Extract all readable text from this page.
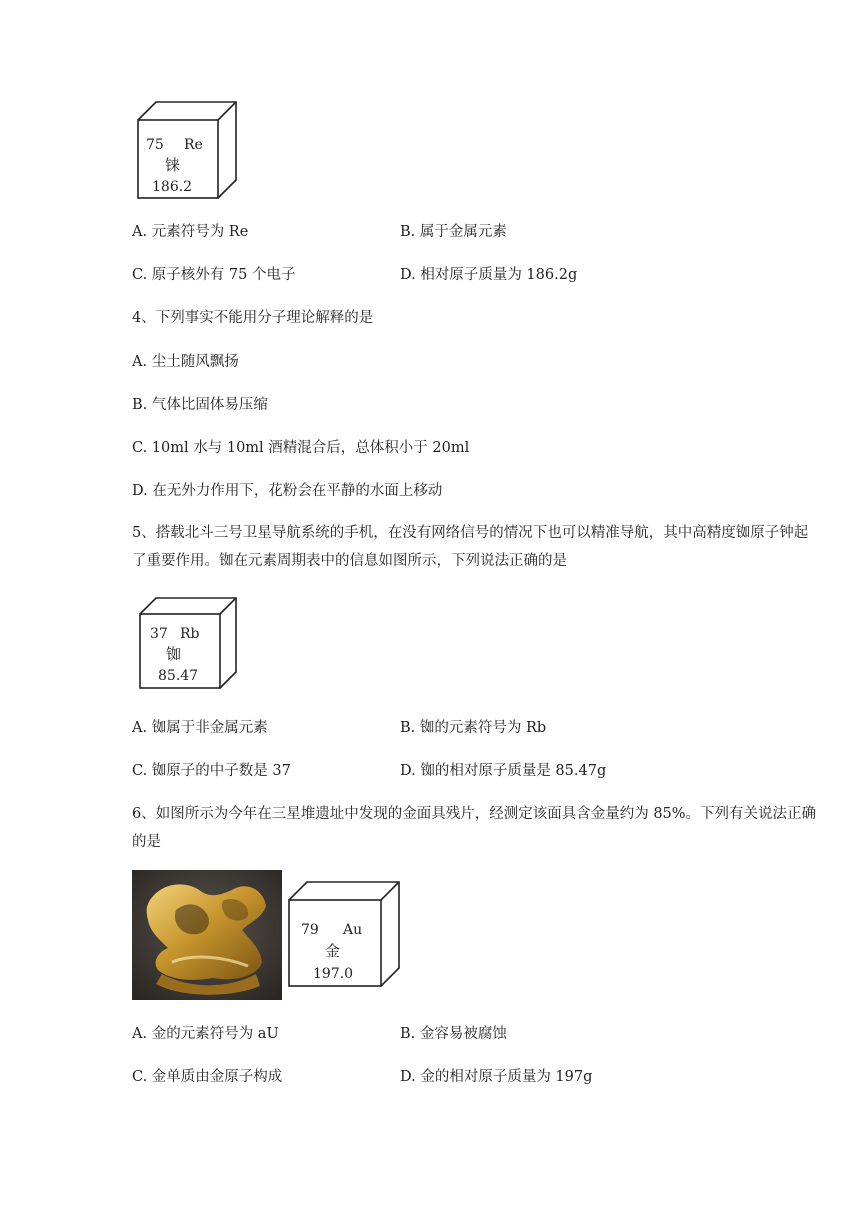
75 Re
铼
186.2
A. 元素符号为 Re	B. 属于金属元素
C. 原子核外有 75 个电子	D. 相对原子质量为 186.2g
4、下列事实不能用分子理论解释的是
A. 尘土随风飘扬
B. 气体比固体易压缩
C. 10ml 水与 10ml 酒精混合后，总体积小于 20ml
D. 在无外力作用下，花粉会在平静的水面上移动
5、搭载北斗三号卫星导航系统的手机，在没有网络信号的情况下也可以精准导航，其中高精度铷原子钟起了重要作用。铷在元素周期表中的信息如图所示，下列说法正确的是
37 Rb
铷
85.47
A. 铷属于非金属元素	B. 铷的元素符号为 Rb
C. 铷原子的中子数是 37	D. 铷的相对原子质量是 85.47g
6、如图所示为今年在三星堆遗址中发现的金面具残片，经测定该面具含金量约为 85%。下列有关说法正确的是
79 Au
金
197.0
A. 金的元素符号为 aU	B. 金容易被腐蚀
C. 金单质由金原子构成	D. 金的相对原子质量为 197g
